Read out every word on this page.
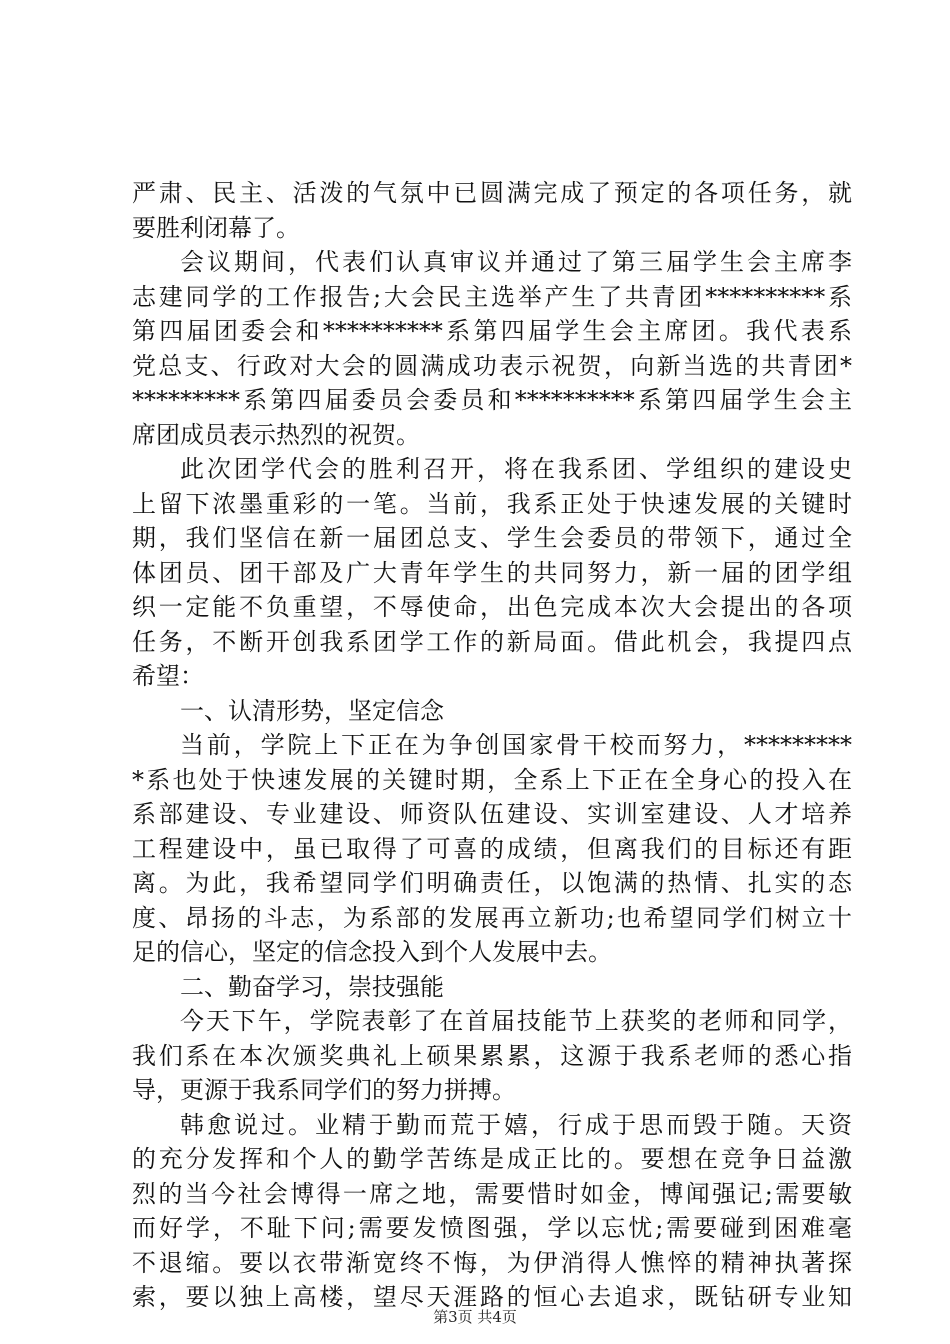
严肃、民主、活泼的气氛中已圆满完成了预定的各项任务，就
要胜利闭幕了。
会议期间，代表们认真审议并通过了第三届学生会主席李
志建同学的工作报告;大会民主选举产生了共青团**********系
第四届团委会和**********系第四届学生会主席团。我代表系
党总支、行政对大会的圆满成功表示祝贺，向新当选的共青团*
*********系第四届委员会委员和**********系第四届学生会主
席团成员表示热烈的祝贺。
此次团学代会的胜利召开，将在我系团、学组织的建设史
上留下浓墨重彩的一笔。当前，我系正处于快速发展的关键时
期，我们坚信在新一届团总支、学生会委员的带领下，通过全
体团员、团干部及广大青年学生的共同努力，新一届的团学组
织一定能不负重望，不辱使命，出色完成本次大会提出的各项
任务，不断开创我系团学工作的新局面。借此机会，我提四点
希望：
一、认清形势，坚定信念
当前，学院上下正在为争创国家骨干校而努力，*********
*系也处于快速发展的关键时期，全系上下正在全身心的投入在
系部建设、专业建设、师资队伍建设、实训室建设、人才培养
工程建设中，虽已取得了可喜的成绩，但离我们的目标还有距
离。为此，我希望同学们明确责任，以饱满的热情、扎实的态
度、昂扬的斗志，为系部的发展再立新功;也希望同学们树立十
足的信心，坚定的信念投入到个人发展中去。
二、勤奋学习，崇技强能
今天下午，学院表彰了在首届技能节上获奖的老师和同学，
我们系在本次颁奖典礼上硕果累累，这源于我系老师的悉心指
导，更源于我系同学们的努力拼搏。
韩愈说过。业精于勤而荒于嬉，行成于思而毁于随。天资
的充分发挥和个人的勤学苦练是成正比的。要想在竞争日益激
烈的当今社会博得一席之地，需要惜时如金，博闻强记;需要敏
而好学，不耻下问;需要发愤图强，学以忘忧;需要碰到困难毫
不退缩。要以衣带渐宽终不悔，为伊消得人憔悴的精神执著探
索，要以独上高楼，望尽天涯路的恒心去追求，既钻研专业知
第3页 共4页
